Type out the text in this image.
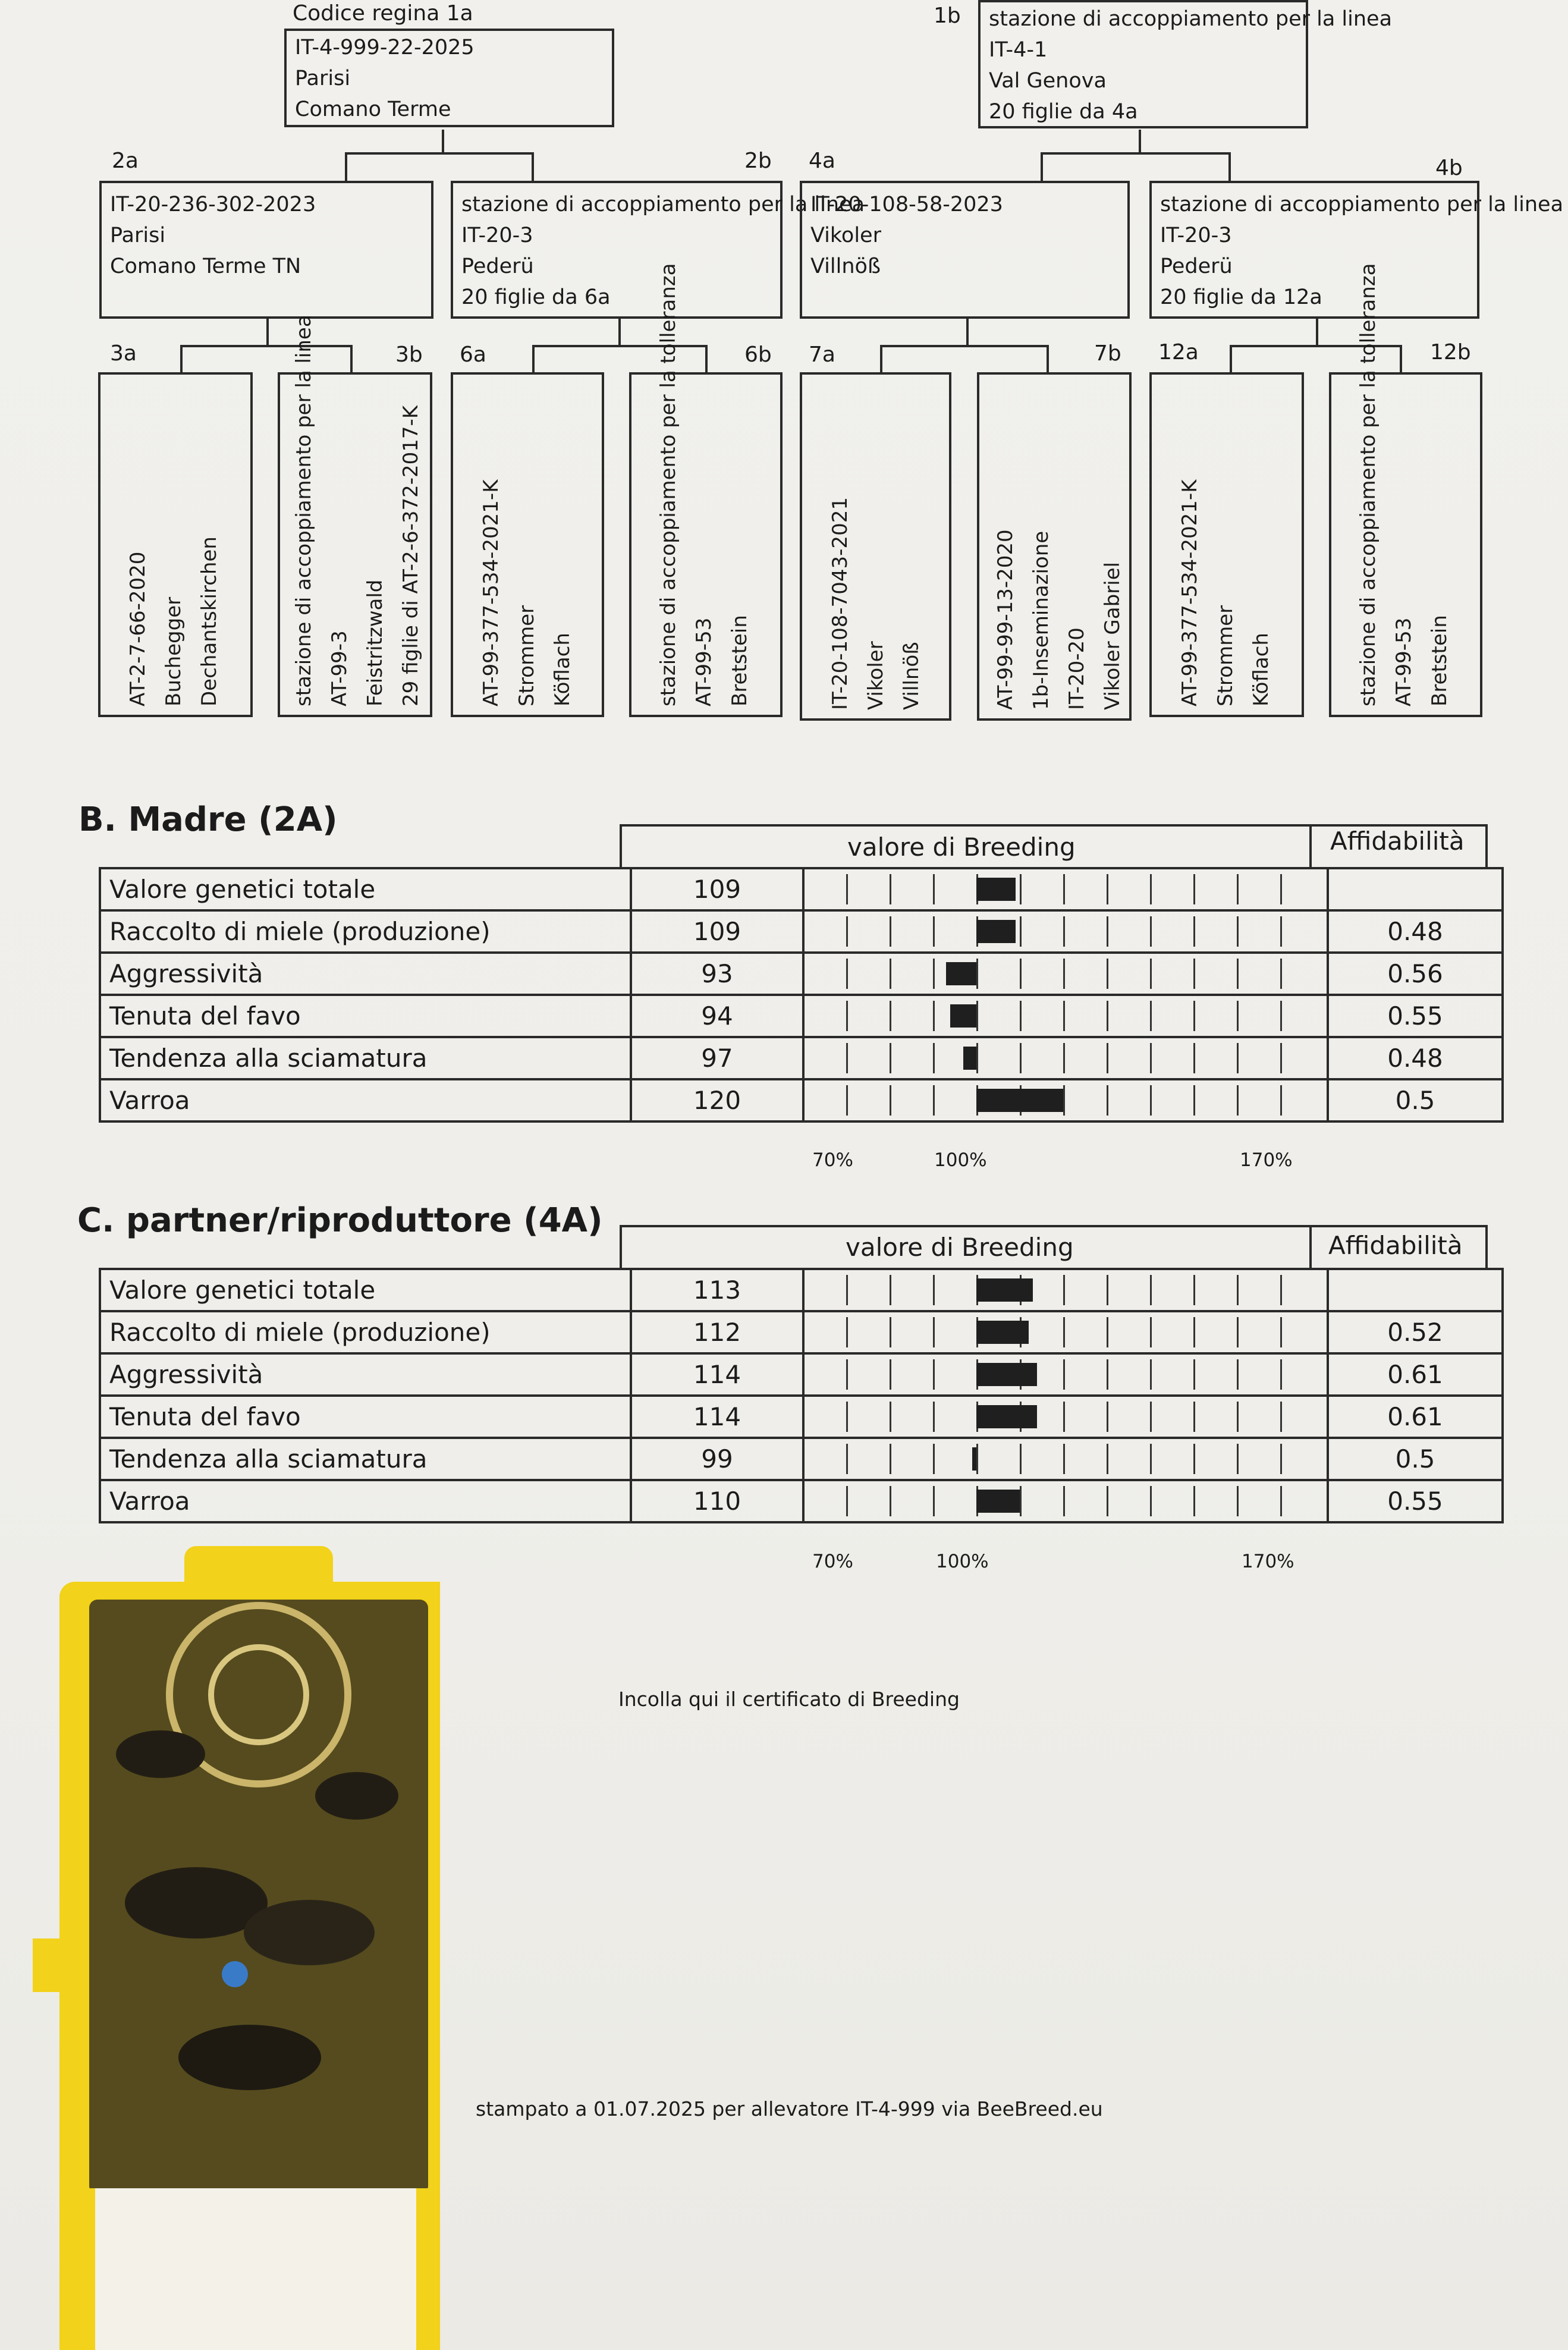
Codice regina 1a
IT-4-999-22-2025
Parisi
Comano Terme
1b stazione di accoppiamento per la linea
IT-4-1
Val Genova
20 figlie da 4a
2a
IT-20-236-302-2023
Parisi
Comano Terme TN
2b
stazione di accoppiamento per la linea
IT-20-3
Pederü
20 figlie da 6a
4a
IT-20-108-58-2023
Vikoler
Villnöß
4b
stazione di accoppiamento per la linea
IT-20-3
Pederü
20 figlie da 12a
3a	3b 6a	6b 7a	7b 12a	12b
AT-2-7-66-2020 Buchegger Dechantskirchen	stazione di accoppiamento per la linea AT-99-3 Feistritzwald 29 figlie di AT-2-6-372-2017-K	AT-99-377-534-2021-K Strommer Köflach	stazione di accoppiamento per la tolleranza AT-99-53 Bretstein	IT-20-108-7043-2021 Vikoler Villnöß	AT-99-99-13-2020 1b-Inseminazione IT-20-20 Vikoler Gabriel	AT-99-377-534-2021-K Strommer Köflach	stazione di accoppiamento per la tolleranza AT-99-53 Bretstein
B. Madre (2A)
valore di Breeding	Affidabilità
Valore genetici totale	109	

Raccolto di miele (produzione)	109		0.48
Aggressività	93		0.56
Tenuta del favo	94		0.55
Tendenza alla sciamatura	97		0.48
Varroa	120		0.5
70%	100%	170%
C. partner/riproduttore (4A)
valore di Breeding	Affidabilità
Valore genetici totale	113	

Raccolto di miele (produzione)	112		0.52
Aggressività	114		0.61
Tenuta del favo	114		0.61
Tendenza alla sciamatura	99		0.5
Varroa	110		0.55
70%	100%	170%
Incolla qui il certificato di Breeding
stampato a 01.07.2025 per allevatore IT-4-999 via BeeBreed.eu
